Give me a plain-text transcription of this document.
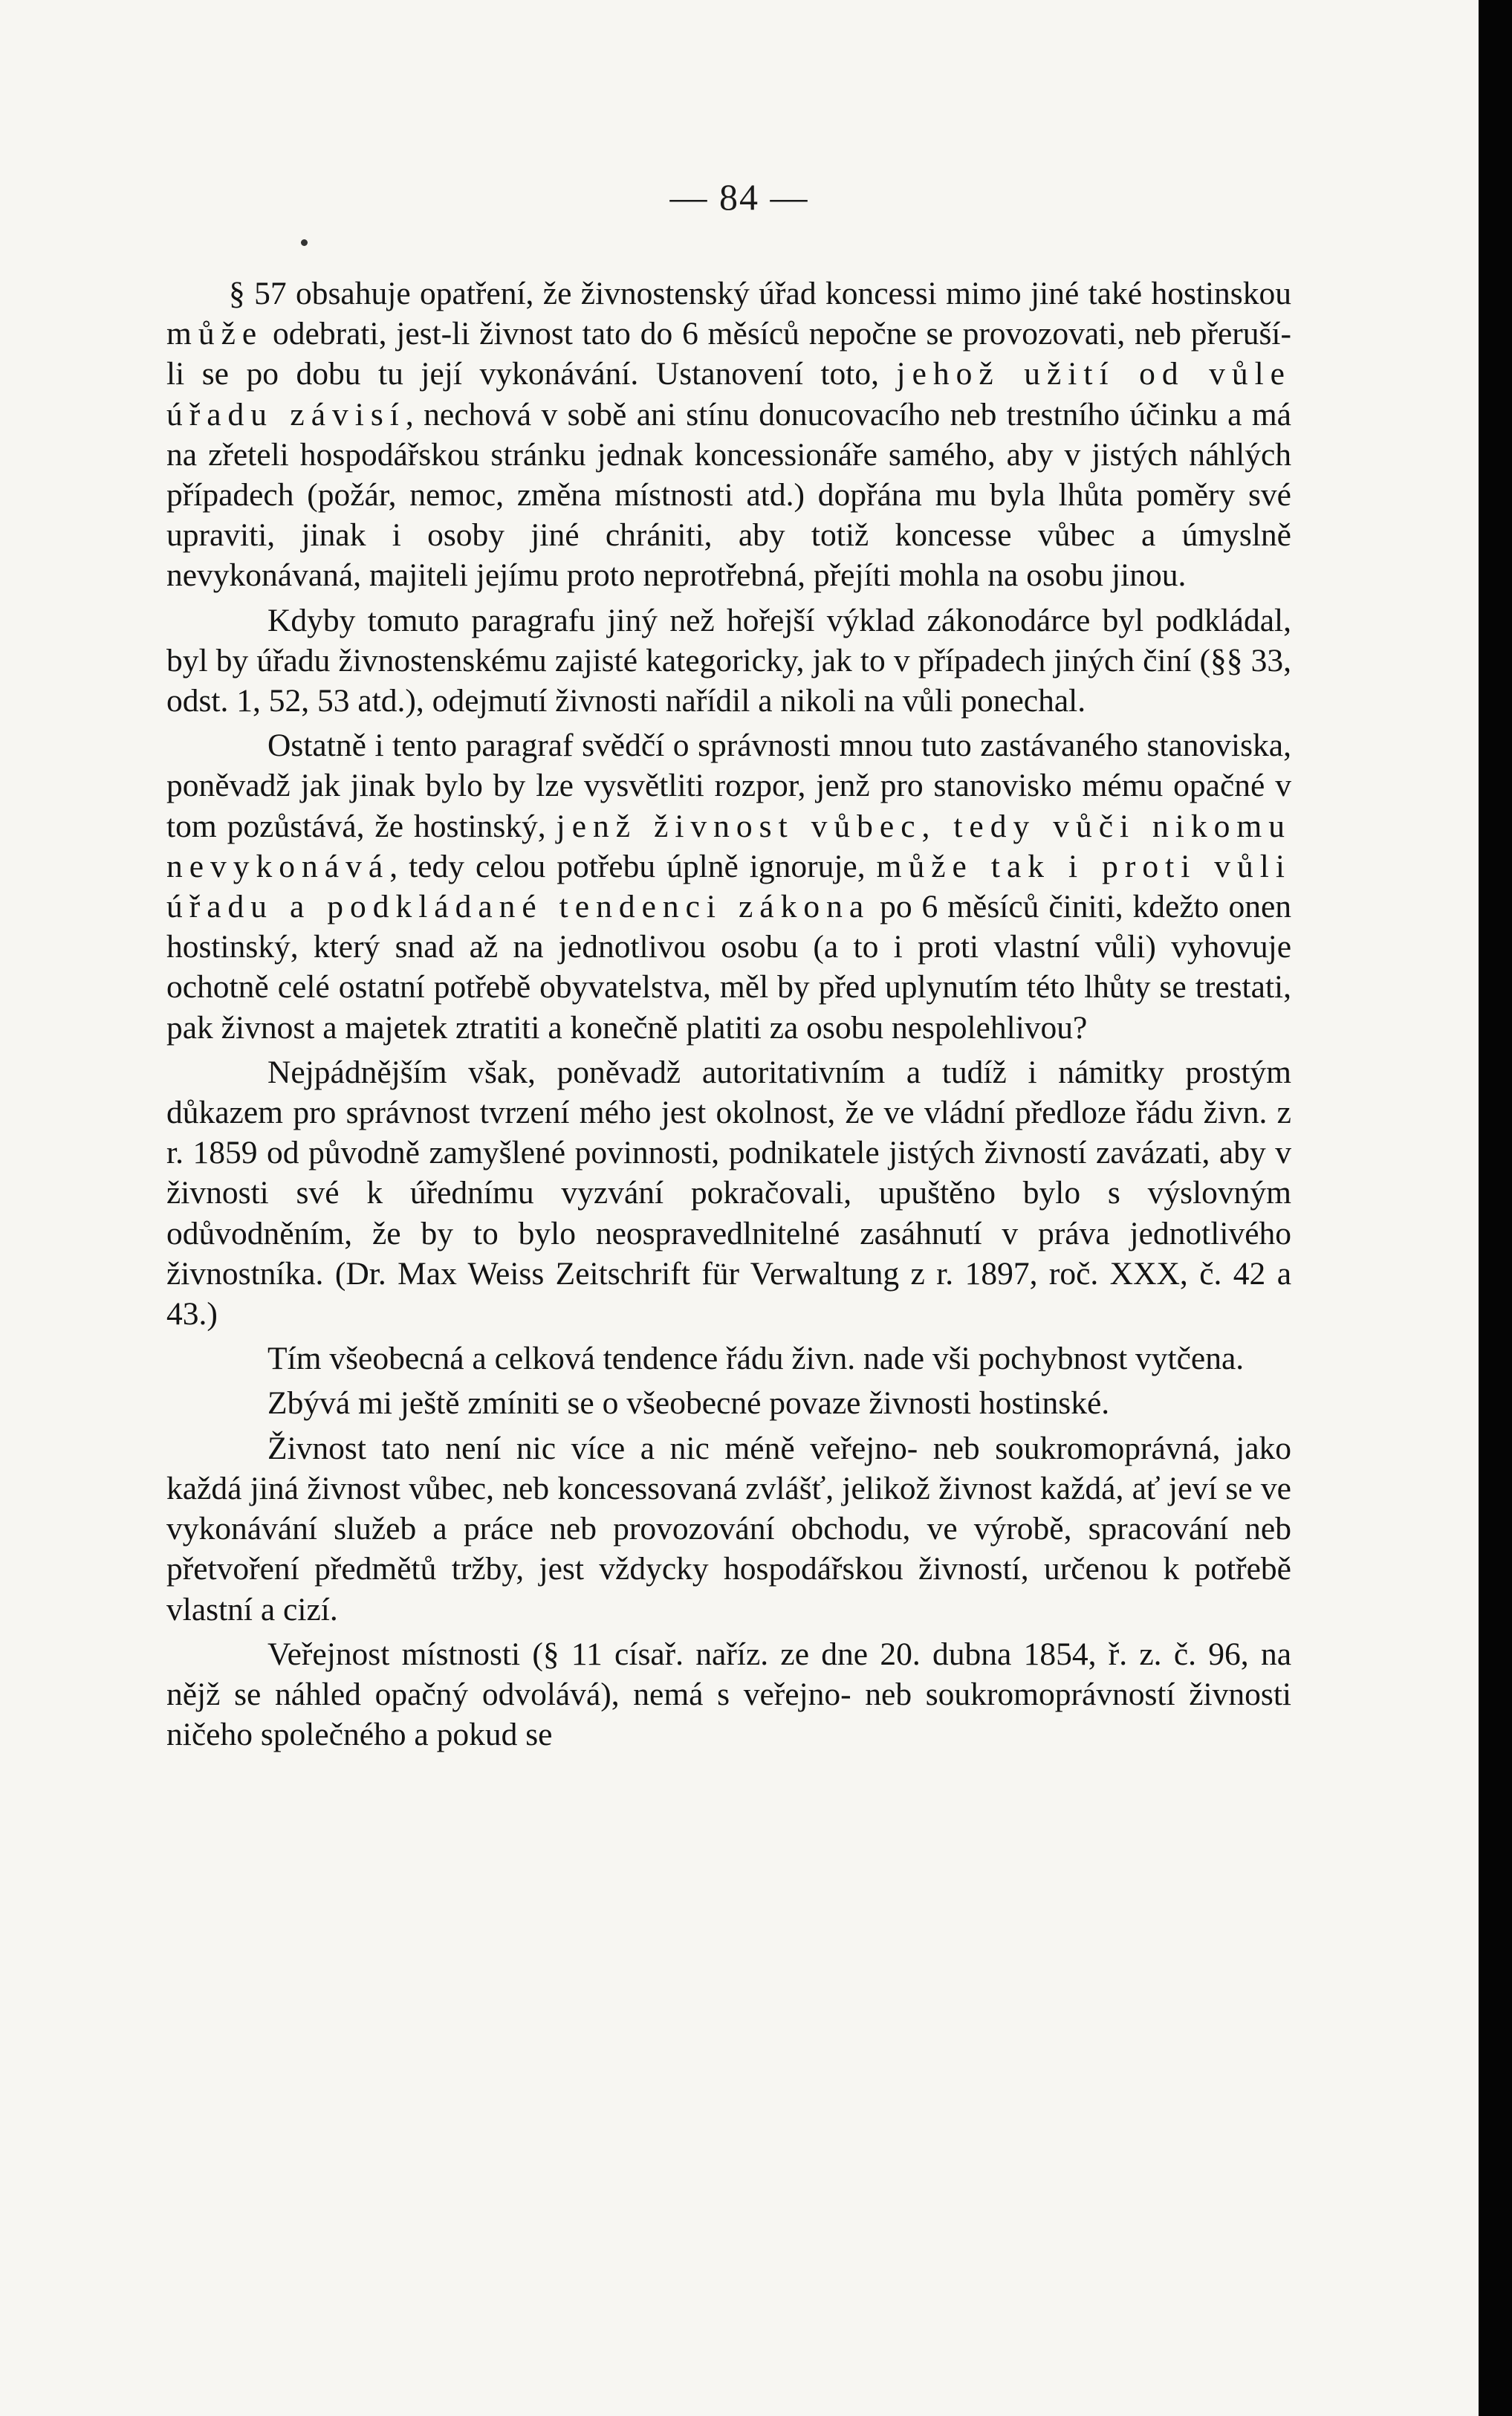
— 84 —

§ 57 obsahuje opatření, že živnostenský úřad koncessi mimo jiné také hostinskou může odebrati, jest-li živnost tato do 6 měsíců nepočne se provozovati, neb přeruší-li se po dobu tu její vykonávání. Ustanovení toto, jehož užití od vůle úřadu závisí, nechová v sobě ani stínu donucovacího neb trestního účinku a má na zřeteli hospodářskou stránku jednak koncessionáře samého, aby v jistých náhlých případech (požár, nemoc, změna místnosti atd.) dopřána mu byla lhůta poměry své upraviti, jinak i osoby jiné chrániti, aby totiž koncesse vůbec a úmyslně nevykonávaná, majiteli jejímu proto neprotřebná, přejíti mohla na osobu jinou.

Kdyby tomuto paragrafu jiný než hořejší výklad zákonodárce byl podkládal, byl by úřadu živnostenskému zajisté kategoricky, jak to v případech jiných činí (§§ 33, odst. 1, 52, 53 atd.), odejmutí živnosti nařídil a nikoli na vůli ponechal.

Ostatně i tento paragraf svědčí o správnosti mnou tuto zastávaného stanoviska, poněvadž jak jinak bylo by lze vysvětliti rozpor, jenž pro stanovisko mému opačné v tom pozůstává, že hostinský, jenž živnost vůbec, tedy vůči nikomu nevykonává, tedy celou potřebu úplně ignoruje, může tak i proti vůli úřadu a podkládané tendenci zákona po 6 měsíců činiti, kdežto onen hostinský, který snad až na jednotlivou osobu (a to i proti vlastní vůli) vyhovuje ochotně celé ostatní potřebě obyvatelstva, měl by před uplynutím této lhůty se trestati, pak živnost a majetek ztratiti a konečně platiti za osobu nespolehlivou?

Nejpádnějším však, poněvadž autoritativním a tudíž i námitky prostým důkazem pro správnost tvrzení mého jest okolnost, že ve vládní předloze řádu živn. z r. 1859 od původně zamyšlené povinnosti, podnikatele jistých živností zavázati, aby v živnosti své k úřednímu vyzvání pokračovali, upuštěno bylo s výslovným odůvodněním, že by to bylo neospravedlnitelné zasáhnutí v práva jednotlivého živnostníka. (Dr. Max Weiss Zeitschrift für Verwaltung z r. 1897, roč. XXX, č. 42 a 43.)

Tím všeobecná a celková tendence řádu živn. nade vši pochybnost vytčena.

Zbývá mi ještě zmíniti se o všeobecné povaze živnosti hostinské.

Živnost tato není nic více a nic méně veřejno- neb soukromoprávná, jako každá jiná živnost vůbec, neb koncessovaná zvlášť, jelikož živnost každá, ať jeví se ve vykonávání služeb a práce neb provozování obchodu, ve výrobě, spracování neb přetvoření předmětů tržby, jest vždycky hospodářskou živností, určenou k potřebě vlastní a cizí.

Veřejnost místnosti (§ 11 císař. naříz. ze dne 20. dubna 1854, ř. z. č. 96, na nějž se náhled opačný odvolává), nemá s veřejno- neb soukromoprávností živnosti ničeho společného a pokud se
